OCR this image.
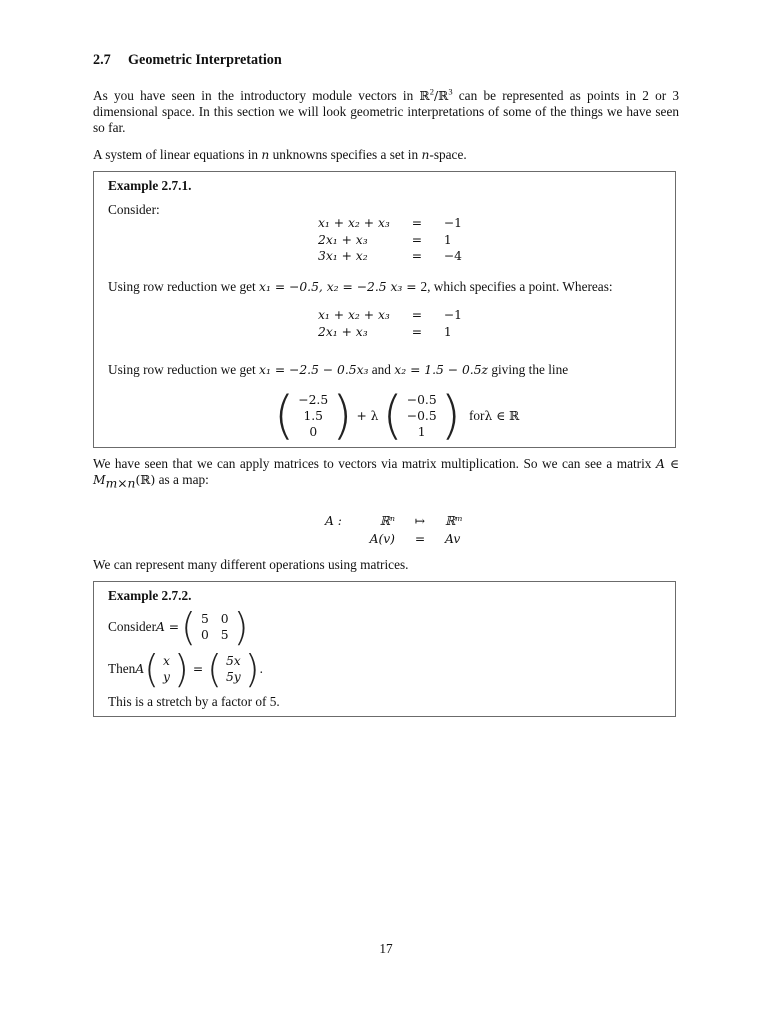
2.7 Geometric Interpretation
As you have seen in the introductory module vectors in ℝ$^2$/ℝ$^3$ can be represented as points in 2 or 3 dimensional space. In this section we will look geometric interpretations of some of the things we have seen so far.
A system of linear equations in n unknowns specifies a set in n-space.
Example 2.7.1.
Consider:
x₁ + x₂ + x₃	=	−1
2x₁ + x₃	=	1
3x₁ + x₂	=	−4
Using row reduction we get x₁ = −0.5, x₂ = −2.5 x₃ = 2, which specifies a point. Whereas:
x₁ + x₂ + x₃	=	−1
2x₁ + x₃	=	1
Using row reduction we get x₁ = −2.5 − 0.5x₃ and x₂ = 1.5 − 0.5z giving the line
( −2.5
1.5
0 ) + λ ( −0.5
−0.5
1 ) for λ ∈ ℝ
We have seen that we can apply matrices to vectors via matrix multiplication. So we can see a matrix A ∈ $M_{m\times n}(ℝ)$ as a map:
A :	ℝⁿ	↦	ℝᵐ
A(v)	=	Av
We can represent many different operations using matrices.
Example 2.7.2.
Consider A = ( 5 0
0 5 )
Then A ( x
y ) = ( 5x
5y ) .
This is a stretch by a factor of 5.
17
